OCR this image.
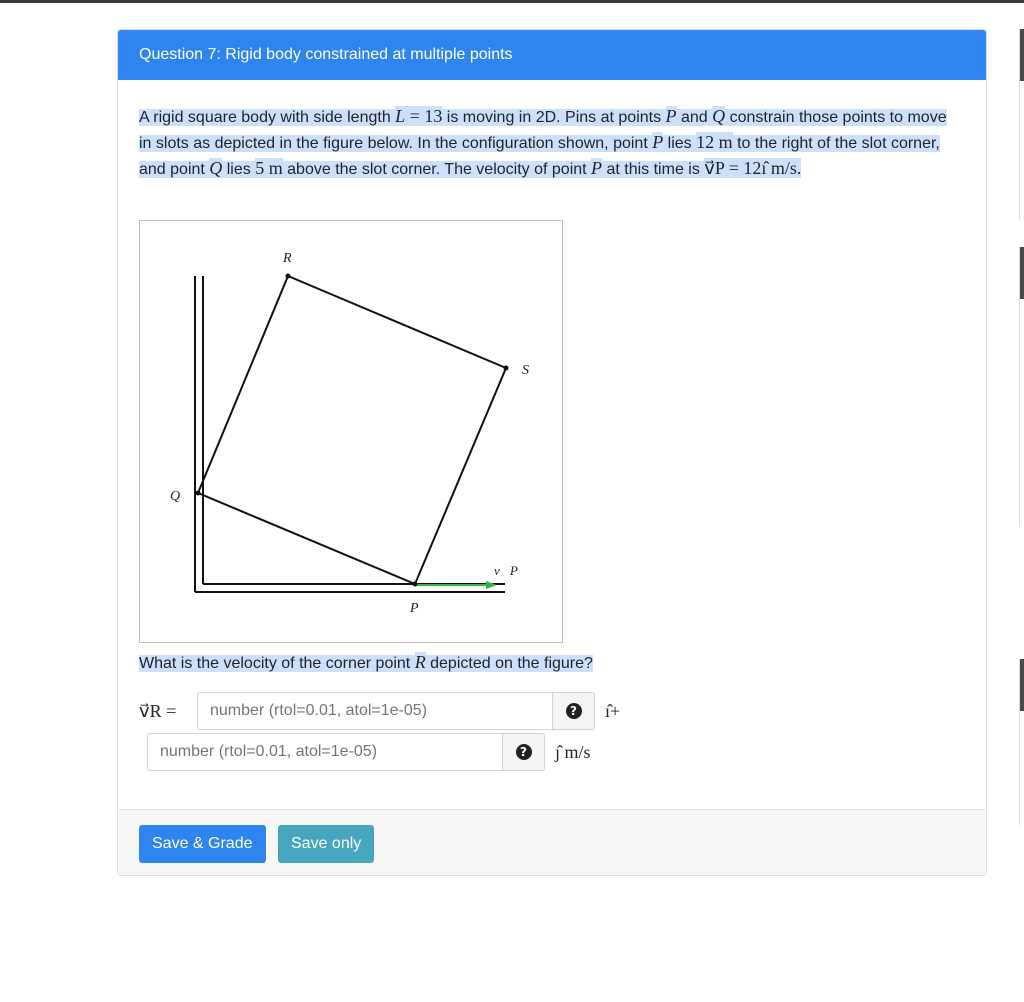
Question 7: Rigid body constrained at multiple points
A rigid square body with side length L = 13 is moving in 2D. Pins at points P and Q constrain those points to move in slots as depicted in the figure below. In the configuration shown, point P lies 12 m to the right of the slot corner, and point Q lies 5 m above the slot corner. The velocity of point P at this time is v⃗P = 12ı̂ m/s.
R
S
Q
P
v⃗P
What is the velocity of the corner point R depicted on the figure?
v⃗R =
number (rtol=0.01, atol=1e-05)	? ı̂+
number (rtol=0.01, atol=1e-05)
? ȷ̂ m/s
Save & Grade	Save only
